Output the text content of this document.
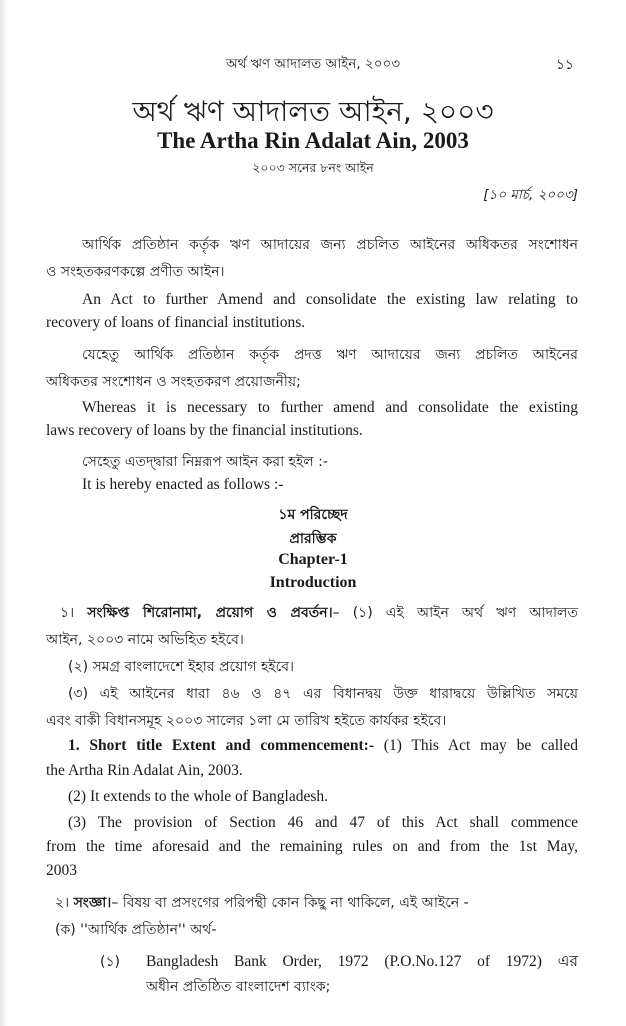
অর্থ ঋণ আদালত আইন, ২০০৩	১১
অর্থ ঋণ আদালত আইন, ২০০৩
The Artha Rin Adalat Ain, 2003
২০০৩ সনের ৮নং আইন
[১০ মার্চ, ২০০৩]
আর্থিক প্রতিষ্ঠান কর্তৃক ঋণ আদায়ের জন্য প্রচলিত আইনের অধিকতর সংশোধন
ও সংহতকরণকল্পে প্রণীত আইন।
An Act to further Amend and consolidate the existing law relating to
recovery of loans of financial institutions.
যেহেতু আর্থিক প্রতিষ্ঠান কর্তৃক প্রদত্ত ঋণ আদায়ের জন্য প্রচলিত আইনের
অধিকতর সংশোধন ও সংহতকরণ প্রয়োজনীয়;
Whereas it is necessary to further amend and consolidate the existing
laws recovery of loans by the financial institutions.
সেহেতু এতদ্দ্বারা নিম্নরূপ আইন করা হইল :-
It is hereby enacted as follows :-
১ম পরিচ্ছেদ
প্রারম্ভিক
Chapter-1
Introduction
১। সংক্ষিপ্ত শিরোনামা, প্রয়োগ ও প্রবর্তন।– (১) এই আইন অর্থ ঋণ আদালত
আইন, ২০০৩ নামে অভিহিত হইবে।
(২) সমগ্র বাংলাদেশে ইহার প্রয়োগ হইবে।
(৩) এই আইনের ধারা ৪৬ ও ৪৭ এর বিধানদ্বয় উক্ত ধারাদ্বয়ে উল্লিখিত সময়ে
এবং বাকী বিধানসমূহ ২০০৩ সালের ১লা মে তারিখ হইতে কার্যকর হইবে।
1. Short title Extent and commencement:- (1) This Act may be called
the Artha Rin Adalat Ain, 2003.
(2) It extends to the whole of Bangladesh.
(3) The provision of Section 46 and 47 of this Act shall commence
from the time aforesaid and the remaining rules on and from the 1st May,
2003
২। সংজ্ঞা।– বিষয় বা প্রসংগের পরিপন্থী কোন কিছু না থাকিলে, এই আইনে -
(ক) ''আর্থিক প্রতিষ্ঠান'' অর্থ-
(১) Bangladesh Bank Order, 1972 (P.O.No.127 of 1972) এর
অধীন প্রতিষ্ঠিত বাংলাদেশ ব্যাংক;
